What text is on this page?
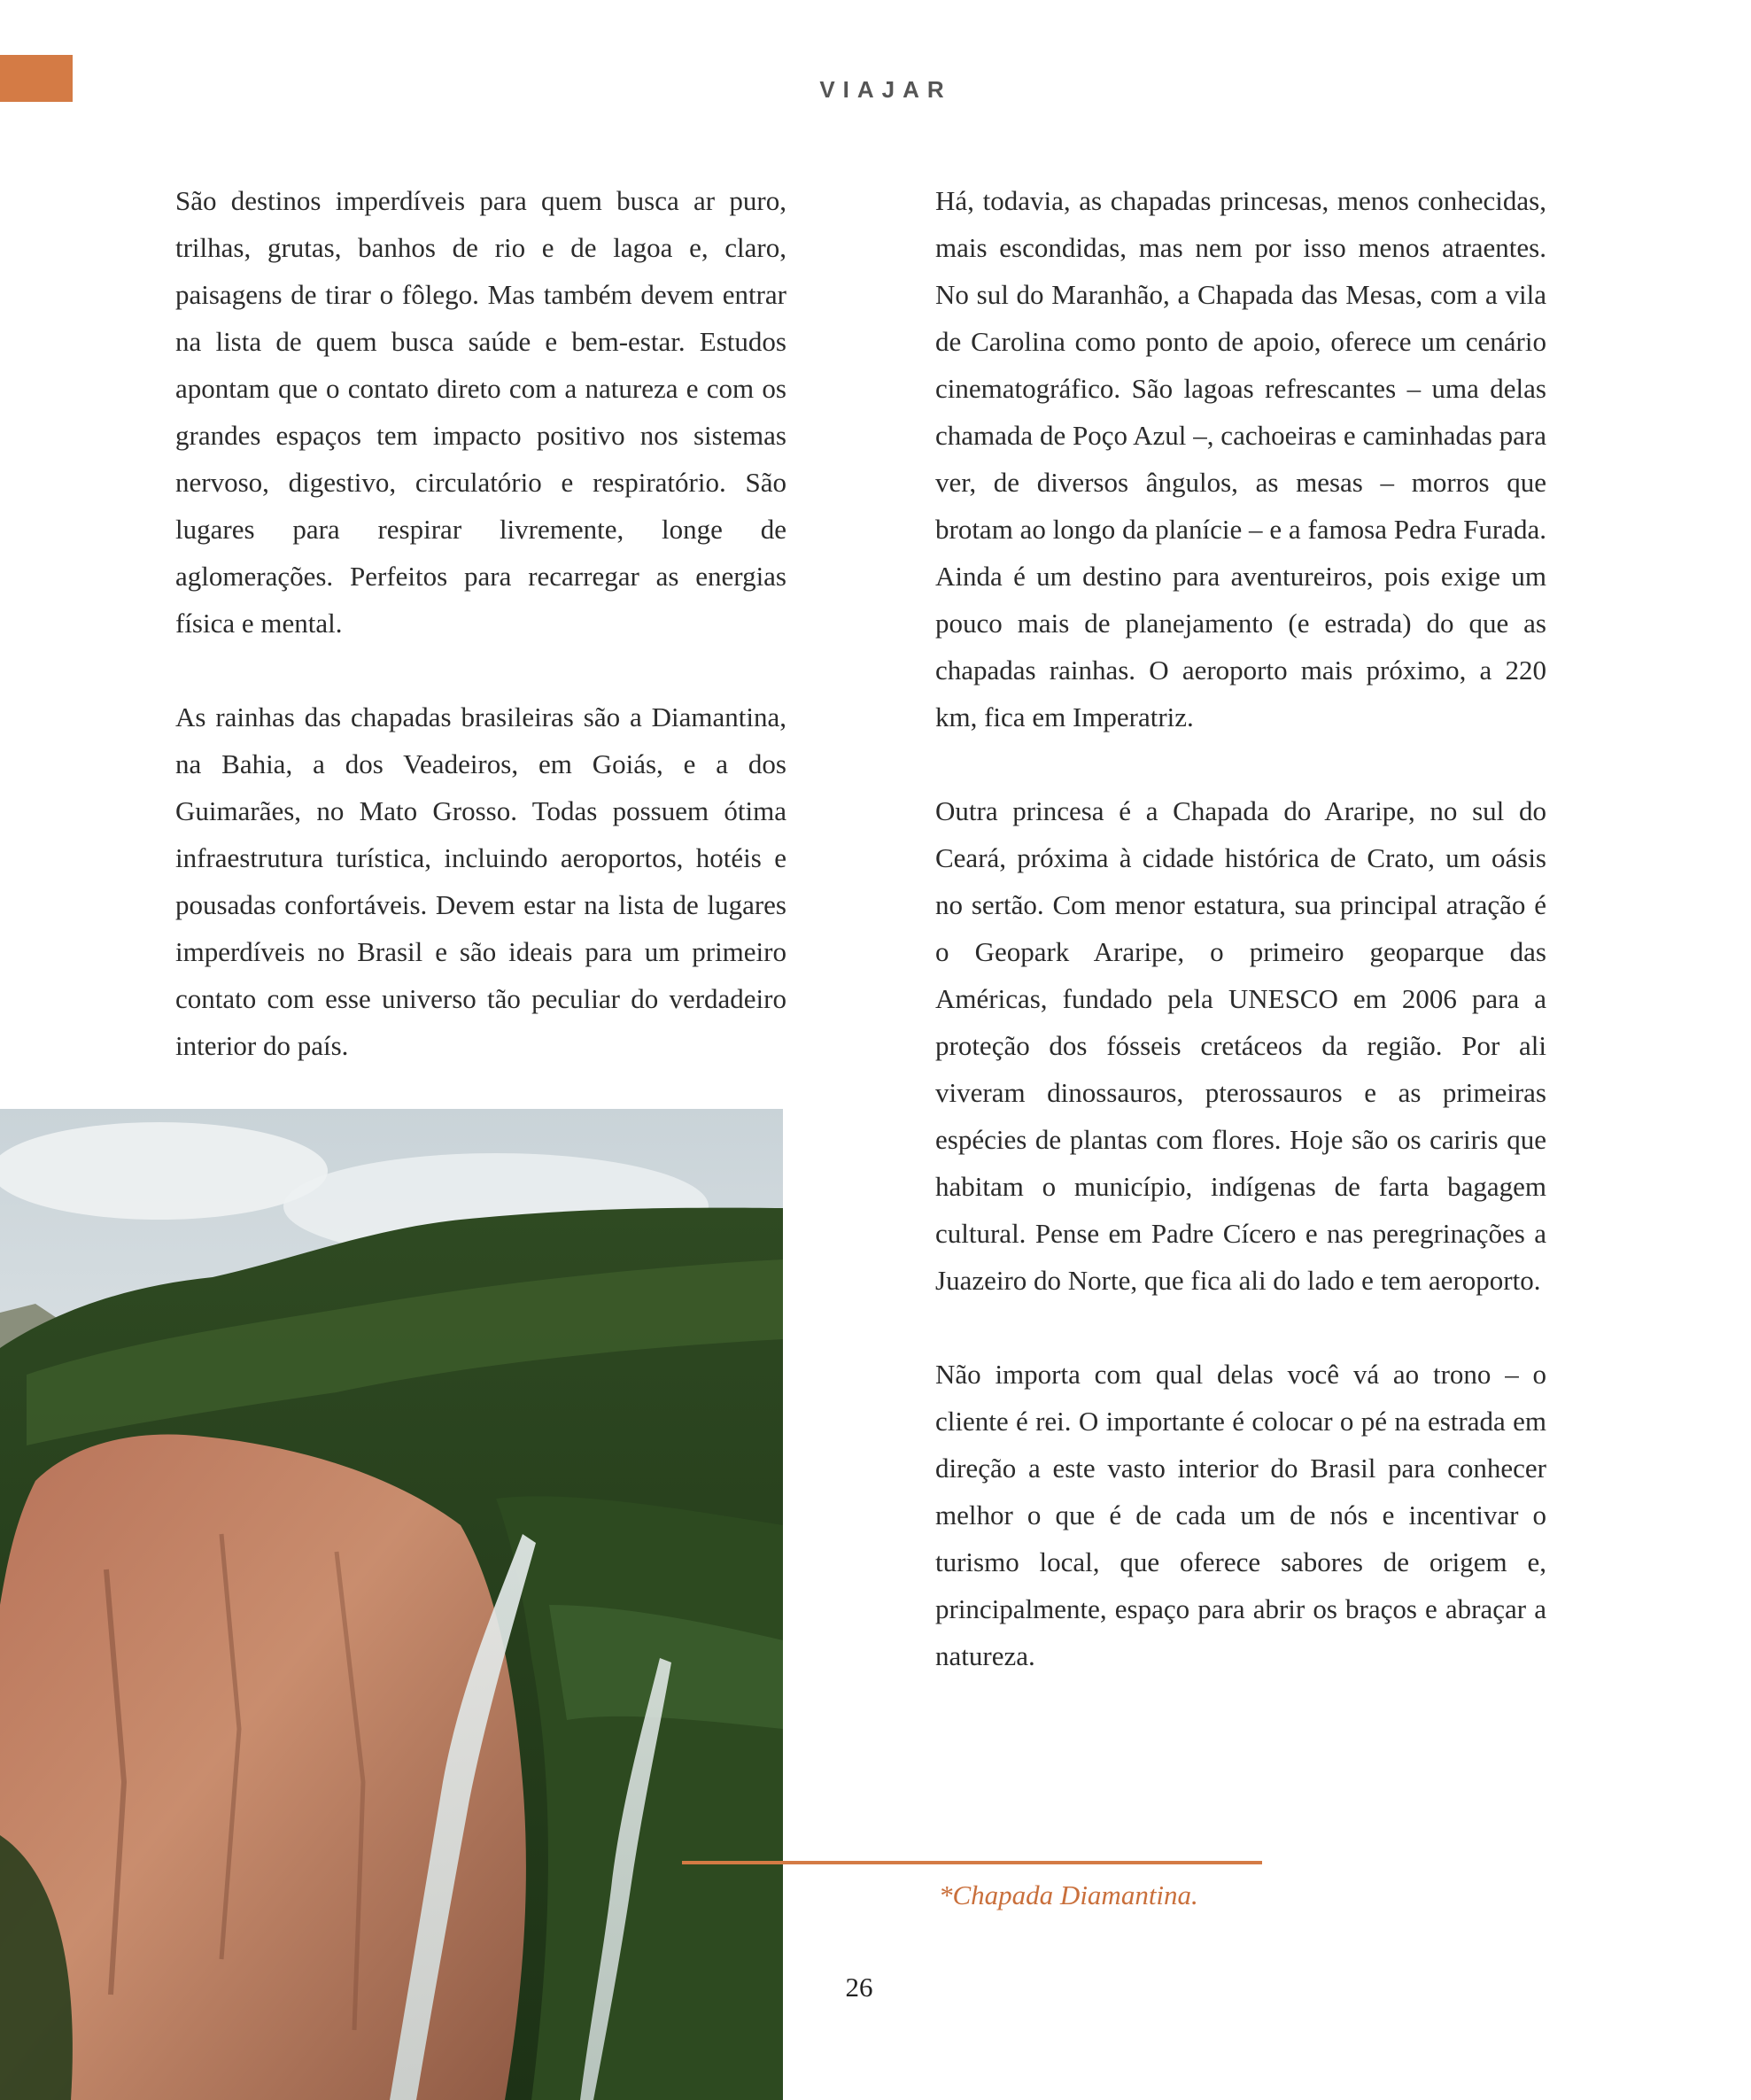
VIAJAR

São destinos imperdíveis para quem busca ar puro, trilhas, grutas, banhos de rio e de lagoa e, claro, paisagens de tirar o fôlego. Mas também devem entrar na lista de quem busca saúde e bem-estar. Estudos apontam que o contato direto com a natureza e com os grandes espaços tem impacto positivo nos sistemas nervoso, digestivo, circulatório e respiratório. São lugares para respirar livremente, longe de aglomerações. Perfeitos para recarregar as energias física e mental.

As rainhas das chapadas brasileiras são a Diamantina, na Bahia, a dos Veadeiros, em Goiás, e a dos Guimarães, no Mato Grosso. Todas possuem ótima infraestrutura turística, incluindo aeroportos, hotéis e pousadas confortáveis. Devem estar na lista de lugares imperdíveis no Brasil e são ideais para um primeiro contato com esse universo tão peculiar do verdadeiro interior do país.

Há, todavia, as chapadas princesas, menos conhecidas, mais escondidas, mas nem por isso menos atraentes. No sul do Maranhão, a Chapada das Mesas, com a vila de Carolina como ponto de apoio, oferece um cenário cinematográfico. São lagoas refrescantes – uma delas chamada de Poço Azul –, cachoeiras e caminhadas para ver, de diversos ângulos, as mesas – morros que brotam ao longo da planície – e a famosa Pedra Furada. Ainda é um destino para aventureiros, pois exige um pouco mais de planejamento (e estrada) do que as chapadas rainhas. O aeroporto mais próximo, a 220 km, fica em Imperatriz.

Outra princesa é a Chapada do Araripe, no sul do Ceará, próxima à cidade histórica de Crato, um oásis no sertão. Com menor estatura, sua principal atração é o Geopark Araripe, o primeiro geoparque das Américas, fundado pela UNESCO em 2006 para a proteção dos fósseis cretáceos da região. Por ali viveram dinossauros, pterossauros e as primeiras espécies de plantas com flores. Hoje são os cariris que habitam o município, indígenas de farta bagagem cultural. Pense em Padre Cícero e nas peregrinações a Juazeiro do Norte, que fica ali do lado e tem aeroporto.

Não importa com qual delas você vá ao trono – o cliente é rei. O importante é colocar o pé na estrada em direção a este vasto interior do Brasil para conhecer melhor o que é de cada um de nós e incentivar o turismo local, que oferece sabores de origem e, principalmente, espaço para abrir os braços e abraçar a natureza.

*Chapada Diamantina.
26
